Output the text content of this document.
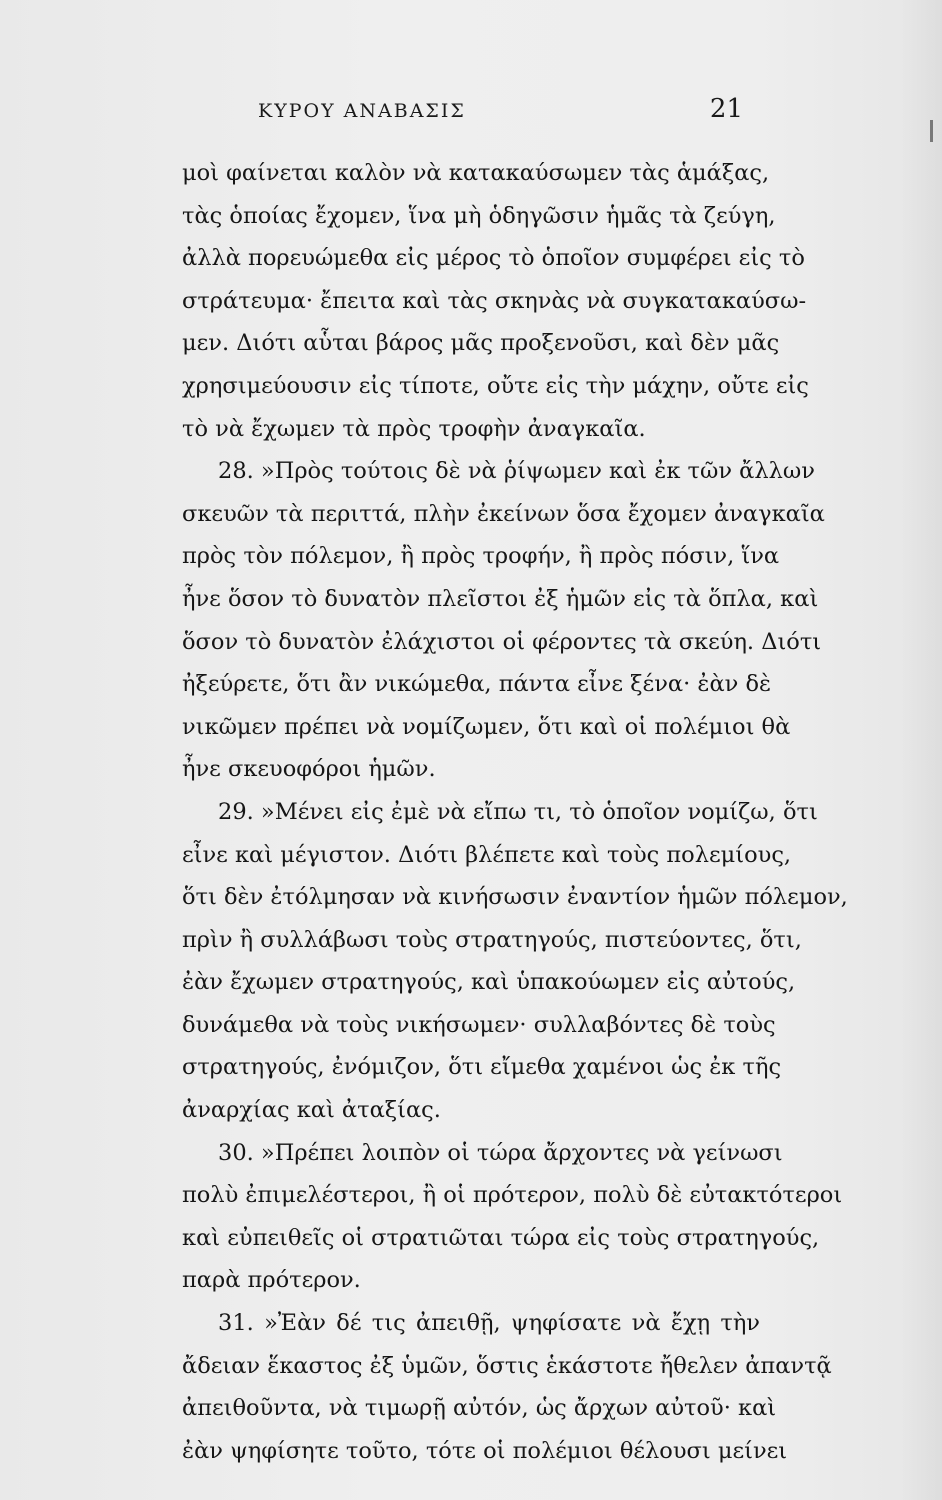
ΚΥΡΟΥ ΑΝΑΒΑΣΙΣ	21
μοὶ φαίνεται καλὸν νὰ κατακαύσωμεν τὰς ἁμάξας,
τὰς ὁποίας ἔχομεν, ἵνα μὴ ὁδηγῶσιν ἡμᾶς τὰ ζεύγη,
ἀλλὰ πορευώμεθα εἰς μέρος τὸ ὁποῖον συμφέρει εἰς τὸ
στράτευμα· ἔπειτα καὶ τὰς σκηνὰς νὰ συγκατακαύσω-
μεν. Διότι αὗται βάρος μᾶς προξενοῦσι, καὶ δὲν μᾶς
χρησιμεύουσιν εἰς τίποτε, οὔτε εἰς τὴν μάχην, οὔτε εἰς
τὸ νὰ ἔχωμεν τὰ πρὸς τροφὴν ἀναγκαῖα.
28. »Πρὸς τούτοις δὲ νὰ ῥίψωμεν καὶ ἐκ τῶν ἄλλων
σκευῶν τὰ περιττά, πλὴν ἐκείνων ὅσα ἔχομεν ἀναγκαῖα
πρὸς τὸν πόλεμον, ἢ πρὸς τροφήν, ἢ πρὸς πόσιν, ἵνα
ἦνε ὅσον τὸ δυνατὸν πλεῖστοι ἐξ ἡμῶν εἰς τὰ ὅπλα, καὶ
ὅσον τὸ δυνατὸν ἐλάχιστοι οἱ φέροντες τὰ σκεύη. Διότι
ἠξεύρετε, ὅτι ἂν νικώμεθα, πάντα εἶνε ξένα· ἐὰν δὲ
νικῶμεν πρέπει νὰ νομίζωμεν, ὅτι καὶ οἱ πολέμιοι θὰ
ἦνε σκευοφόροι ἡμῶν.
29. »Μένει εἰς ἐμὲ νὰ εἴπω τι, τὸ ὁποῖον νομίζω, ὅτι
εἶνε καὶ μέγιστον. Διότι βλέπετε καὶ τοὺς πολεμίους,
ὅτι δὲν ἐτόλμησαν νὰ κινήσωσιν ἐναντίον ἡμῶν πόλεμον,
πρὶν ἢ συλλάβωσι τοὺς στρατηγούς, πιστεύοντες, ὅτι,
ἐὰν ἔχωμεν στρατηγούς, καὶ ὑπακούωμεν εἰς αὐτούς,
δυνάμεθα νὰ τοὺς νικήσωμεν· συλλαβόντες δὲ τοὺς
στρατηγούς, ἐνόμιζον, ὅτι εἴμεθα χαμένοι ὡς ἐκ τῆς
ἀναρχίας καὶ ἀταξίας.
30. »Πρέπει λοιπὸν οἱ τώρα ἄρχοντες νὰ γείνωσι
πολὺ ἐπιμελέστεροι, ἢ οἱ πρότερον, πολὺ δὲ εὐτακτότεροι
καὶ εὐπειθεῖς οἱ στρατιῶται τώρα εἰς τοὺς στρατηγούς,
παρὰ πρότερον.
31. »Ἐὰν δέ τις ἀπειθῇ, ψηφίσατε νὰ ἔχῃ τὴν
ἄδειαν ἕκαστος ἐξ ὑμῶν, ὅστις ἑκάστοτε ἤθελεν ἀπαντᾷ
ἀπειθοῦντα, νὰ τιμωρῇ αὐτόν, ὡς ἄρχων αὐτοῦ· καὶ
ἐὰν ψηφίσητε τοῦτο, τότε οἱ πολέμιοι θέλουσι μείνει
